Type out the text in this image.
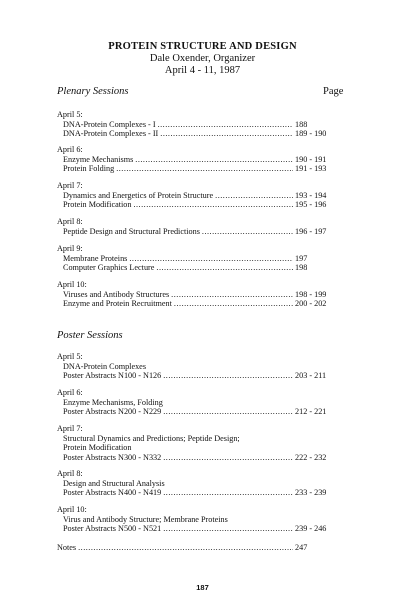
PROTEIN STRUCTURE AND DESIGN
Dale Oxender, Organizer
April 4 - 11, 1987
Plenary Sessions	Page
April 5:
DNA-Protein Complexes - I .....	188
DNA-Protein Complexes - II .....	189 - 190
April 6:
Enzyme Mechanisms .....	190 - 191
Protein Folding .....	191 - 193
April 7:
Dynamics and Energetics of Protein Structure .....	193 - 194
Protein Modification .....	195 - 196
April 8:
Peptide Design and Structural Predictions .....	196 - 197
April 9:
Membrane Proteins .....	197
Computer Graphics Lecture .....	198
April 10:
Viruses and Antibody Structures .....	198 - 199
Enzyme and Protein Recruitment .....	200 - 202
Poster Sessions
April 5:
DNA-Protein Complexes
Poster Abstracts N100 - N126 .....	203 - 211
April 6:
Enzyme Mechanisms, Folding
Poster Abstracts N200 - N229 .....	212 - 221
April 7:
Structural Dynamics and Predictions; Peptide Design;
Protein Modification
Poster Abstracts N300 - N332 .....	222 - 232
April 8:
Design and Structural Analysis
Poster Abstracts N400 - N419 .....	233 - 239
April 10:
Virus and Antibody Structure; Membrane Proteins
Poster Abstracts N500 - N521 .....	239 - 246
Notes .....	247
187
